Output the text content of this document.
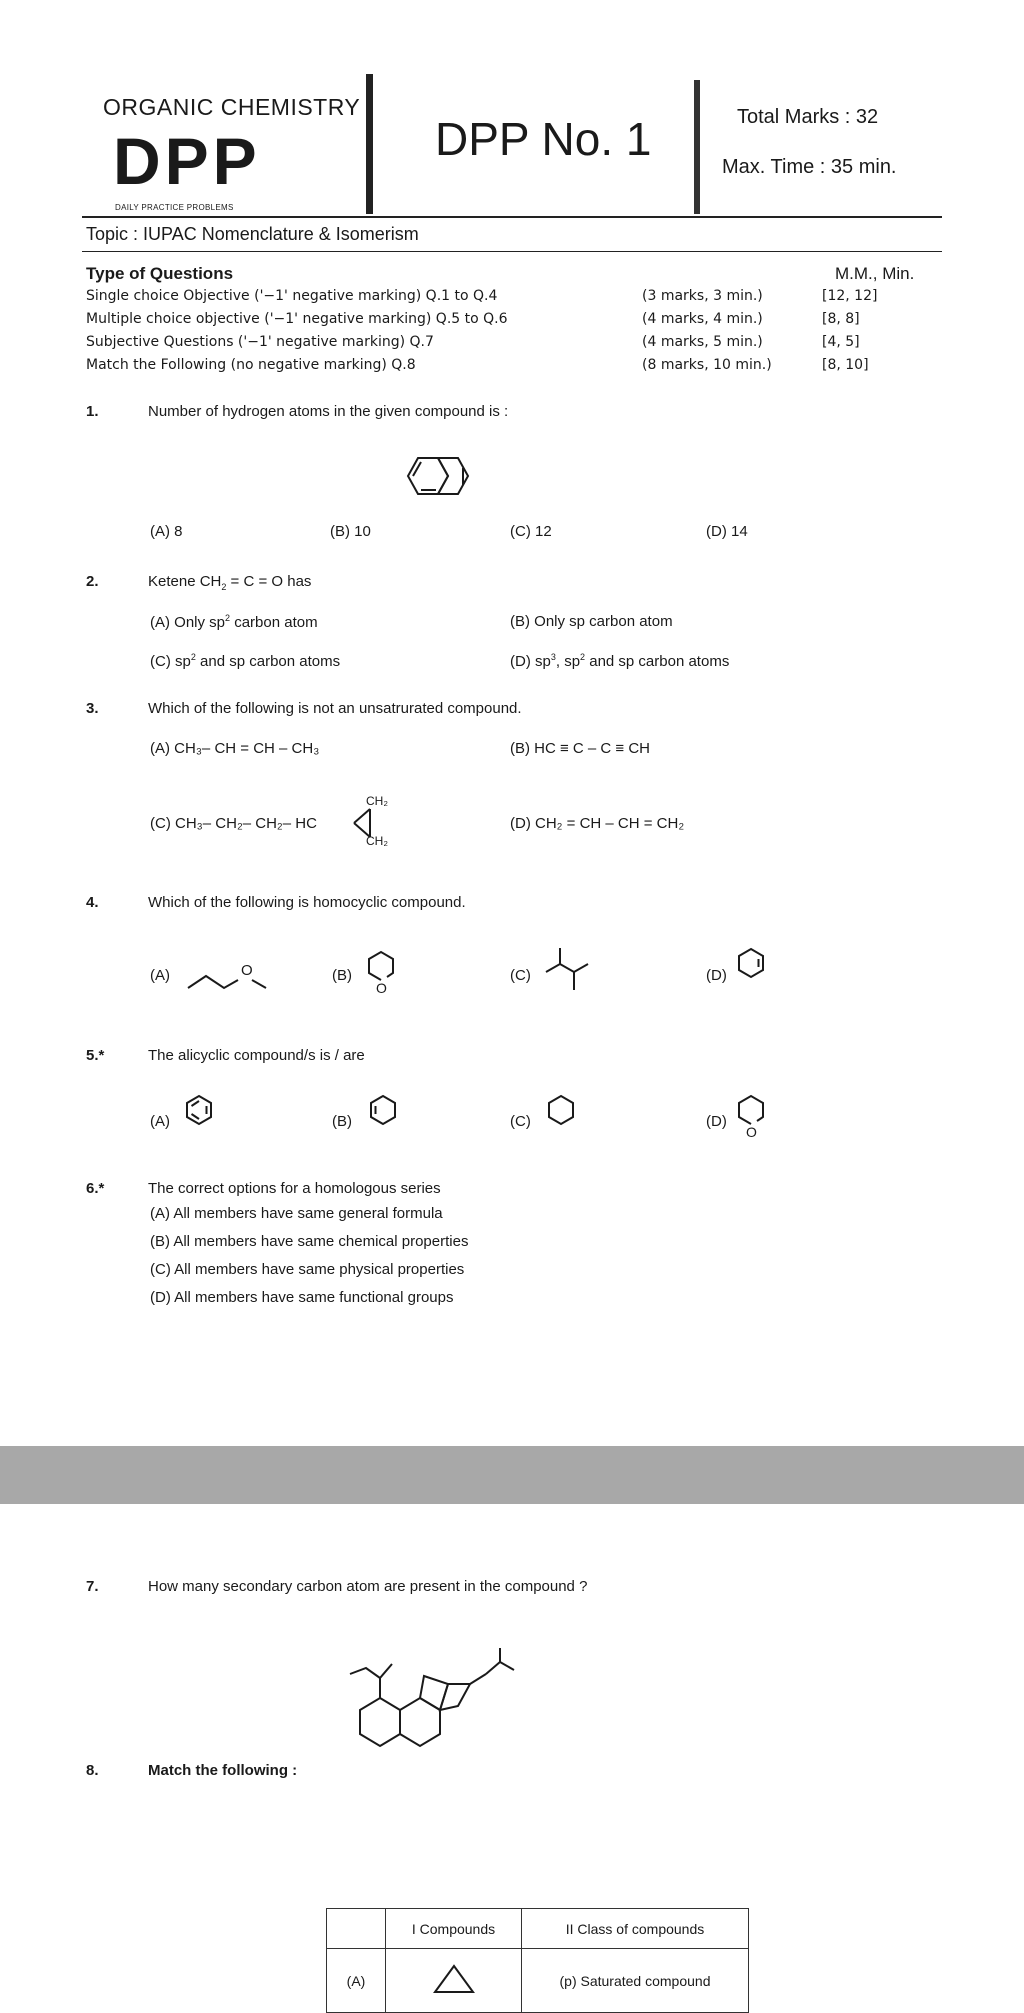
ORGANIC CHEMISTRY
DPP
DAILY PRACTICE PROBLEMS
DPP No. 1	Total Marks : 32
Max. Time : 35 min.
Topic : IUPAC Nomenclature & Isomerism
Type of Questions	M.M., Min.
Single choice Objective ('−1' negative marking) Q.1 to Q.4	(3 marks, 3 min.)	[12, 12]
Multiple choice objective ('−1' negative marking) Q.5 to Q.6	(4 marks, 4 min.)	[8, 8]
Subjective Questions ('−1' negative marking) Q.7	(4 marks, 5 min.)	[4, 5]
Match the Following (no negative marking) Q.8	(8 marks, 10 min.)	[8, 10]
1.	Number of hydrogen atoms in the given compound is :
(A) 8	(B) 10	(C) 12	(D) 14
2.	Ketene $CH_2 = C = O$ has
(A) Only $sp^2$ carbon atom	(B) Only sp carbon atom
(C) $sp^2$ and sp carbon atoms	(D) $sp^3$, $sp^2$ and sp carbon atoms
3.	Which of the following is not an unsatrurated compound.
(A) CH₃– CH = CH – CH₃	(B) HC ≡ C – C ≡ CH
(C) CH₃– CH₂– CH₂– HC
CH₂
CH₂
(D) CH₂ = CH – CH = CH₂
4.	Which of the following is homocyclic compound.
(A)	O	(B)
O
(C)	(D)
5.*	The alicyclic compound/s is / are
(A)	(B)	(C)	(D)
O
6.*	The correct options for a homologous series
(A) All members have same general formula
(B) All members have same chemical properties
(C) All members have same physical properties
(D) All members have same functional groups
7.	How many secondary carbon atom are present in the compound ?
8.	Match the following :
	I Compounds	II Class of compounds
(A)		(p) Saturated compound
